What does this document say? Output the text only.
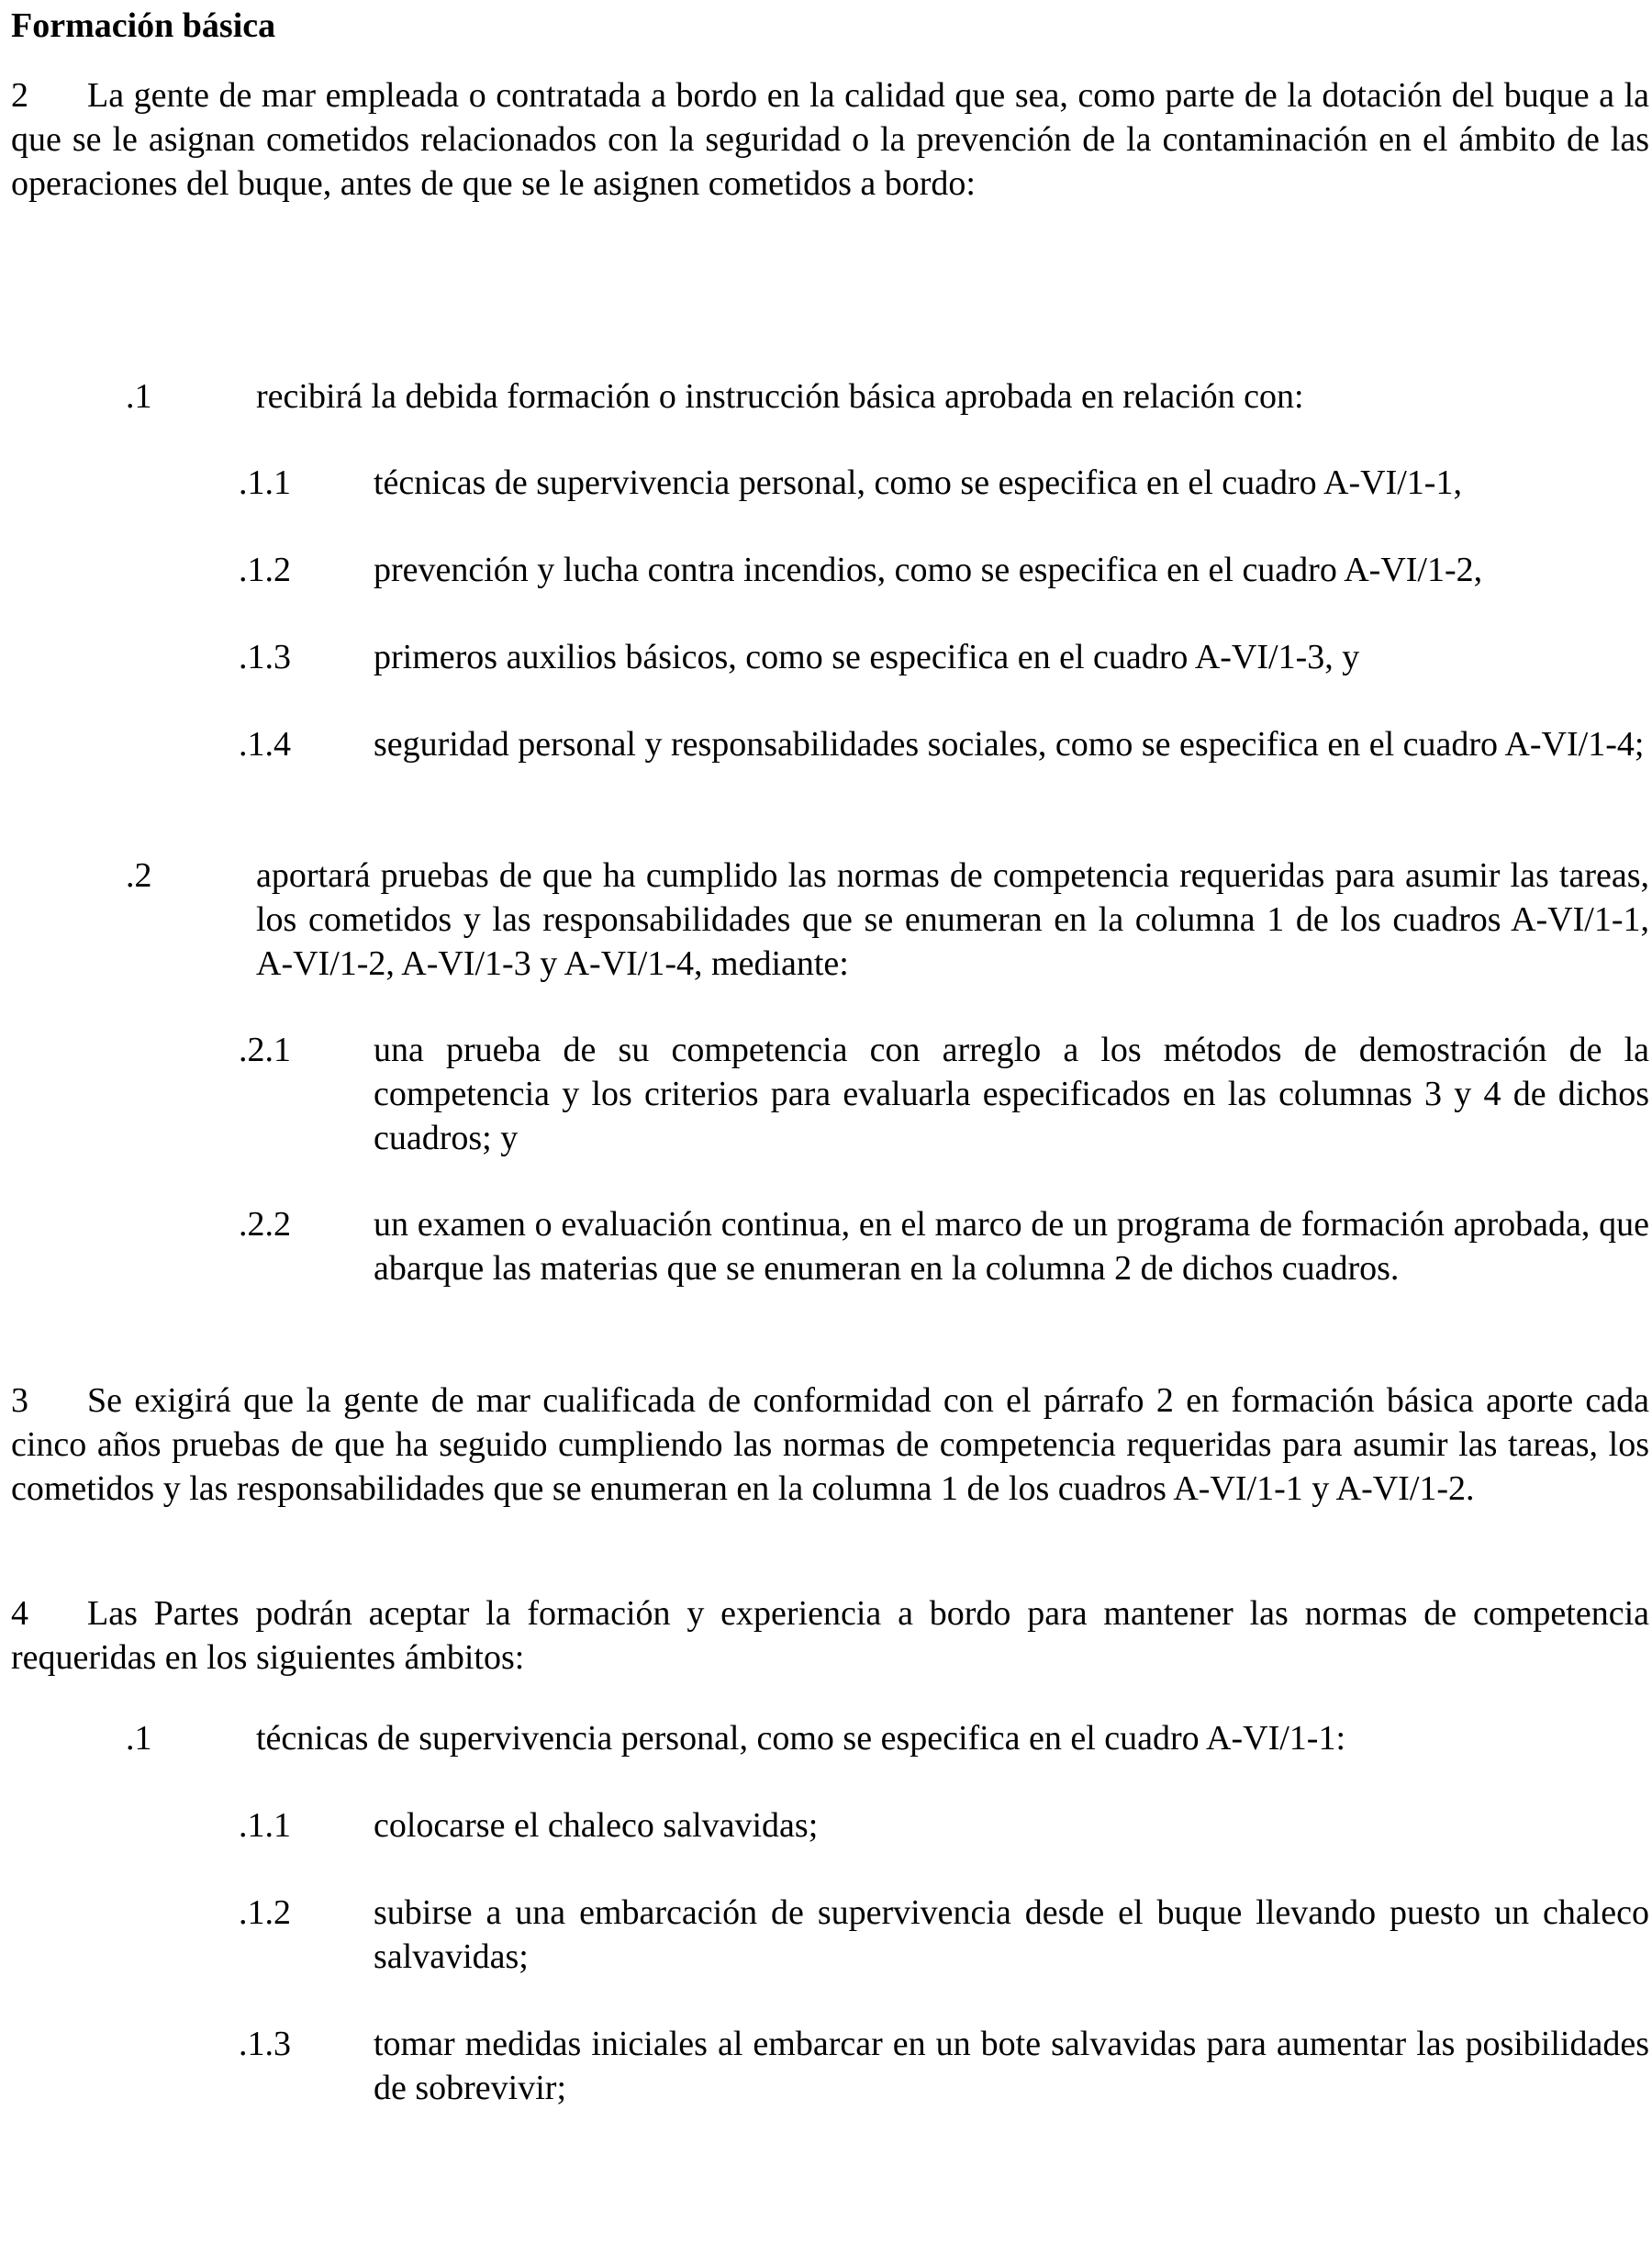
Formación básica
2 La gente de mar empleada o contratada a bordo en la calidad que sea, como parte de la dotación del buque a la que se le asignan cometidos relacionados con la seguridad o la prevención de la contaminación en el ámbito de las operaciones del buque, antes de que se le asignen cometidos a bordo:
.1	recibirá la debida formación o instrucción básica aprobada en relación con:
.1.1 técnicas de supervivencia personal, como se especifica en el cuadro A-VI/1-1,
.1.2 prevención y lucha contra incendios, como se especifica en el cuadro A-VI/1-2,
.1.3 primeros auxilios básicos, como se especifica en el cuadro A-VI/1-3, y
.1.4 seguridad personal y responsabilidades sociales, como se especifica en el cuadro A-VI/1-4;
.2	aportará pruebas de que ha cumplido las normas de competencia requeridas para asumir las tareas, los cometidos y las responsabilidades que se enumeran en la columna 1 de los cuadros A-VI/1-1, A-VI/1-2, A-VI/1-3 y A-VI/1-4, mediante:
.2.1 una prueba de su competencia con arreglo a los métodos de demostración de la competencia y los criterios para evaluarla especificados en las columnas 3 y 4 de dichos cuadros; y
.2.2 un examen o evaluación continua, en el marco de un programa de formación aprobada, que abarque las materias que se enumeran en la columna 2 de dichos cuadros.
3 Se exigirá que la gente de mar cualificada de conformidad con el párrafo 2 en formación básica aporte cada cinco años pruebas de que ha seguido cumpliendo las normas de competencia requeridas para asumir las tareas, los cometidos y las responsabilidades que se enumeran en la columna 1 de los cuadros A-VI/1-1 y A-VI/1-2.
4 Las Partes podrán aceptar la formación y experiencia a bordo para mantener las normas de competencia requeridas en los siguientes ámbitos:
.1	técnicas de supervivencia personal, como se especifica en el cuadro A-VI/1-1:
.1.1 colocarse el chaleco salvavidas;
.1.2 subirse a una embarcación de supervivencia desde el buque llevando puesto un chaleco salvavidas;
.1.3 tomar medidas iniciales al embarcar en un bote salvavidas para aumentar las posibilidades de sobrevivir;
